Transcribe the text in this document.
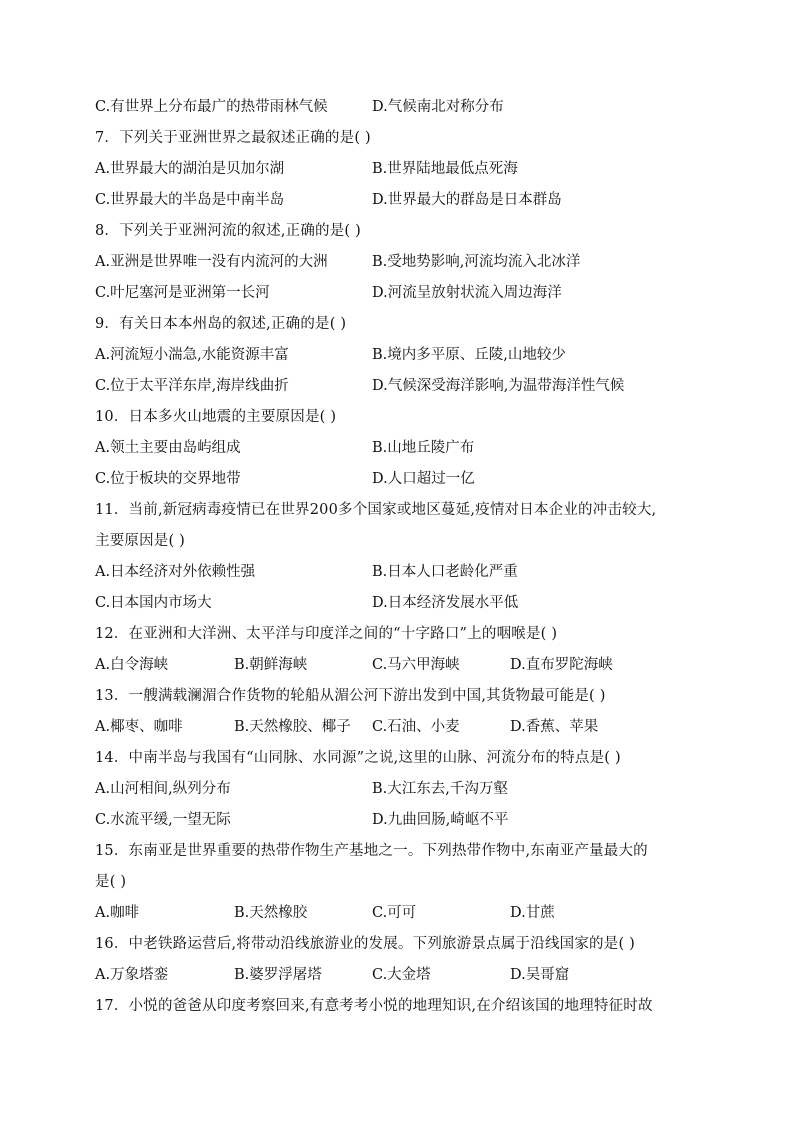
C.有世界上分布最广的热带雨林气候	D.气候南北对称分布
7．下列关于亚洲世界之最叙述正确的是( )
A.世界最大的湖泊是贝加尔湖	B.世界陆地最低点死海
C.世界最大的半岛是中南半岛	D.世界最大的群岛是日本群岛
8．下列关于亚洲河流的叙述,正确的是( )
A.亚洲是世界唯一没有内流河的大洲	B.受地势影响,河流均流入北冰洋
C.叶尼塞河是亚洲第一长河	D.河流呈放射状流入周边海洋
9．有关日本本州岛的叙述,正确的是( )
A.河流短小湍急,水能资源丰富	B.境内多平原、丘陵,山地较少
C.位于太平洋东岸,海岸线曲折	D.气候深受海洋影响,为温带海洋性气候
10．日本多火山地震的主要原因是( )
A.领土主要由岛屿组成	B.山地丘陵广布
C.位于板块的交界地带	D.人口超过一亿
11．当前,新冠病毒疫情已在世界200多个国家或地区蔓延,疫情对日本企业的冲击较大,
主要原因是( )
A.日本经济对外依赖性强	B.日本人口老龄化严重
C.日本国内市场大	D.日本经济发展水平低
12．在亚洲和大洋洲、太平洋与印度洋之间的“十字路口”上的咽喉是( )
A.白令海峡	B.朝鲜海峡	C.马六甲海峡	D.直布罗陀海峡
13．一艘满载澜湄合作货物的轮船从湄公河下游出发到中国,其货物最可能是( )
A.椰枣、咖啡	B.天然橡胶、椰子 C.石油、小麦	D.香蕉、苹果
14．中南半岛与我国有“山同脉、水同源”之说,这里的山脉、河流分布的特点是( )
A.山河相间,纵列分布	B.大江东去,千沟万壑
C.水流平缓,一望无际	D.九曲回肠,崎岖不平
15．东南亚是世界重要的热带作物生产基地之一。下列热带作物中,东南亚产量最大的
是( )
A.咖啡	B.天然橡胶	C.可可	D.甘蔗
16．中老铁路运营后,将带动沿线旅游业的发展。下列旅游景点属于沿线国家的是( )
A.万象塔銮	B.婆罗浮屠塔	C.大金塔	D.吴哥窟
17．小悦的爸爸从印度考察回来,有意考考小悦的地理知识,在介绍该国的地理特征时故
